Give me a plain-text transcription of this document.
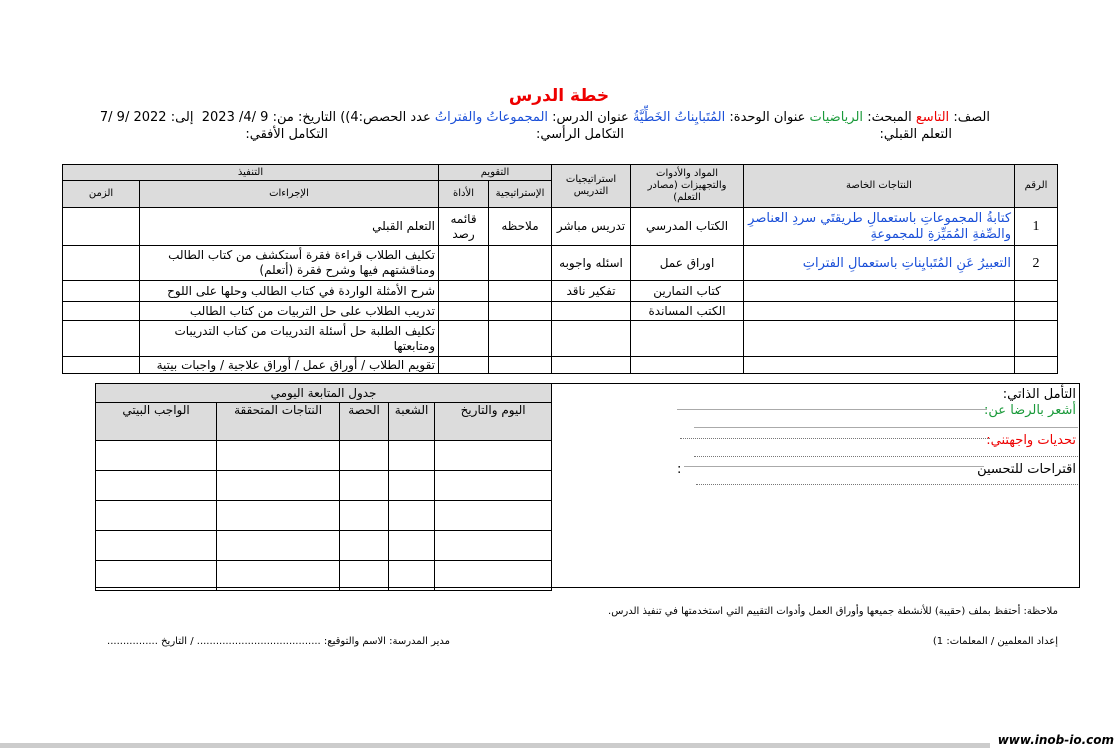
خطة الدرس
الصف: التاسع المبحث: الرياضيات عنوان الوحدة: المُتَبايِناتُ الخَطِّيَّةُ عنوان الدرس: المجموعاتُ والفتراتُ عدد الحصص:4)) التاريخ: من: 9 /4/ 2023  إلى: 2022 /9 /7
التعلم القبلي:
التكامل الرأسي:
التكامل الأفقي:
الرقم	النتاجات الخاصة	المواد والأدوات والتجهيزات (مصادر التعلم)	استراتيجيات التدريس	التقويم		التنفيذ	
				الإستراتيجية	الأداة	الإجراءات	الزمن
1	كتابةُ المجموعاتِ باستعمالِ طريقتَي سردِ العناصرِ والصِّفةِ المُمَيِّزةِ للمجموعةِ	الكتاب المدرسي	تدريس مباشر	ملاحظه	قائمه رصد	التعلم القبلي	
2	التعبيرُ عَنِ المُتَبايِناتِ باستعمالِ الفتراتِ	اوراق عمل	اسئله واجوبه			تكليف الطلاب قراءة فقرة أستكشف من كتاب الطالب ومناقشتهم فيها وشرح فقرة (أتعلم)	
		كتاب التمارين	تفكير ناقد			شرح الأمثلة الواردة في كتاب الطالب وحلها على اللوح	
		الكتب المساندة				تدريب الطلاب على حل التربيات من كتاب الطالب	
						تكليف الطلبة حل أسئلة التدريبات من كتاب التدريبات ومتابعتها	
						تقويم الطلاب / أوراق عمل / أوراق علاجية / واجبات بيتية	
جدول المتابعة اليومي				
اليوم والتاريخ	الشعبة	الحصة	النتاجات المتحققة	الواجب البيتي

التأمل الذاتي:
أشعر بالرضا عن:
تحديات واجهتني:
اقتراحات للتحسين
:
ملاحظة: أحتفظ بملف (حقيبة) للأنشطة جميعها وأوراق العمل وأدوات التقييم التي استخدمتها في تنفيذ الدرس.
إعداد المعلمين / المعلمات: 1)
مدير المدرسة: الاسم والتوقيع: ....................................... / التاريخ ................
www.inob-io.com
